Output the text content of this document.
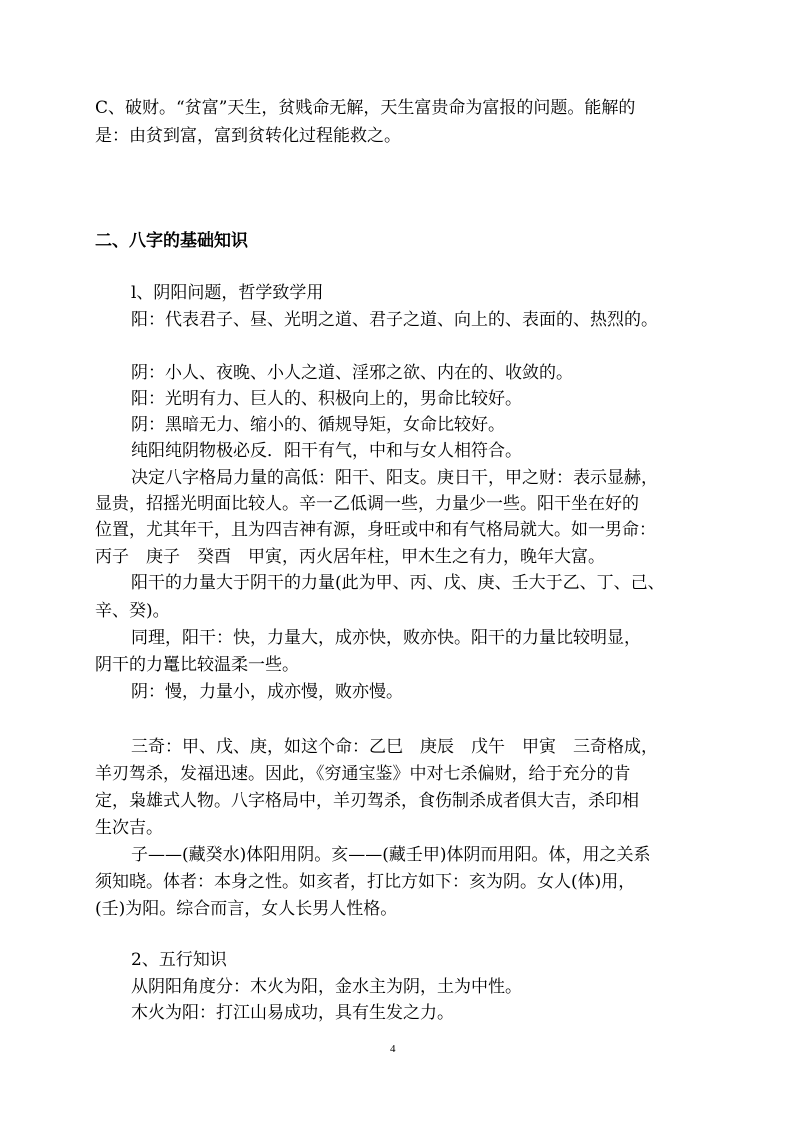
C、破财。“贫富”天生，贫贱命无解，天生富贵命为富报的问题。能解的
是：由贫到富，富到贫转化过程能救之。
二、八字的基础知识
l、阴阳问题，哲学致学用
阳：代表君子、昼、光明之道、君子之道、向上的、表面的、热烈的。
阴：小人、夜晚、小人之道、淫邪之欲、内在的、收敛的。
阳：光明有力、巨人的、积极向上的，男命比较好。
阴：黑暗无力、缩小的、循规导矩，女命比较好。
纯阳纯阴物极必反．阳干有气，中和与女人相符合。
决定八字格局力量的高低：阳干、阳支。庚日干，甲之财：表示显赫，
显贵，招摇光明面比较人。辛一乙低调一些，力量少一些。阳干坐在好的
位置，尤其年干，且为四吉神有源，身旺或中和有气格局就大。如一男命：
丙子　庚子　癸酉　甲寅，丙火居年柱，甲木生之有力，晚年大富。
阳干的力量大于阴干的力量(此为甲、丙、戊、庚、壬大于乙、丁、己、
辛、癸)。
同理，阳干：快，力量大，成亦快，败亦快。阳干的力量比较明显，
阴干的力鼍比较温柔一些。
阴：慢，力量小，成亦慢，败亦慢。
三奇：甲、戊、庚，如这个命：乙巳　庚辰　戊午　甲寅　三奇格成，
羊刃驾杀，发福迅速。因此，《穷通宝鉴》中对七杀偏财，给于充分的肯
定，枭雄式人物。八字格局中，羊刃驾杀，食伤制杀成者俱大吉，杀印相
生次吉。
子——(藏癸水)体阳用阴。亥——(藏壬甲)体阴而用阳。体，用之关系
须知晓。体者：本身之性。如亥者，打比方如下：亥为阴。女人(体)用，
(壬)为阳。综合而言，女人长男人性格。
2、五行知识
从阴阳角度分：木火为阳，金水主为阴，土为中性。
木火为阳：打江山易成功，具有生发之力。
4
